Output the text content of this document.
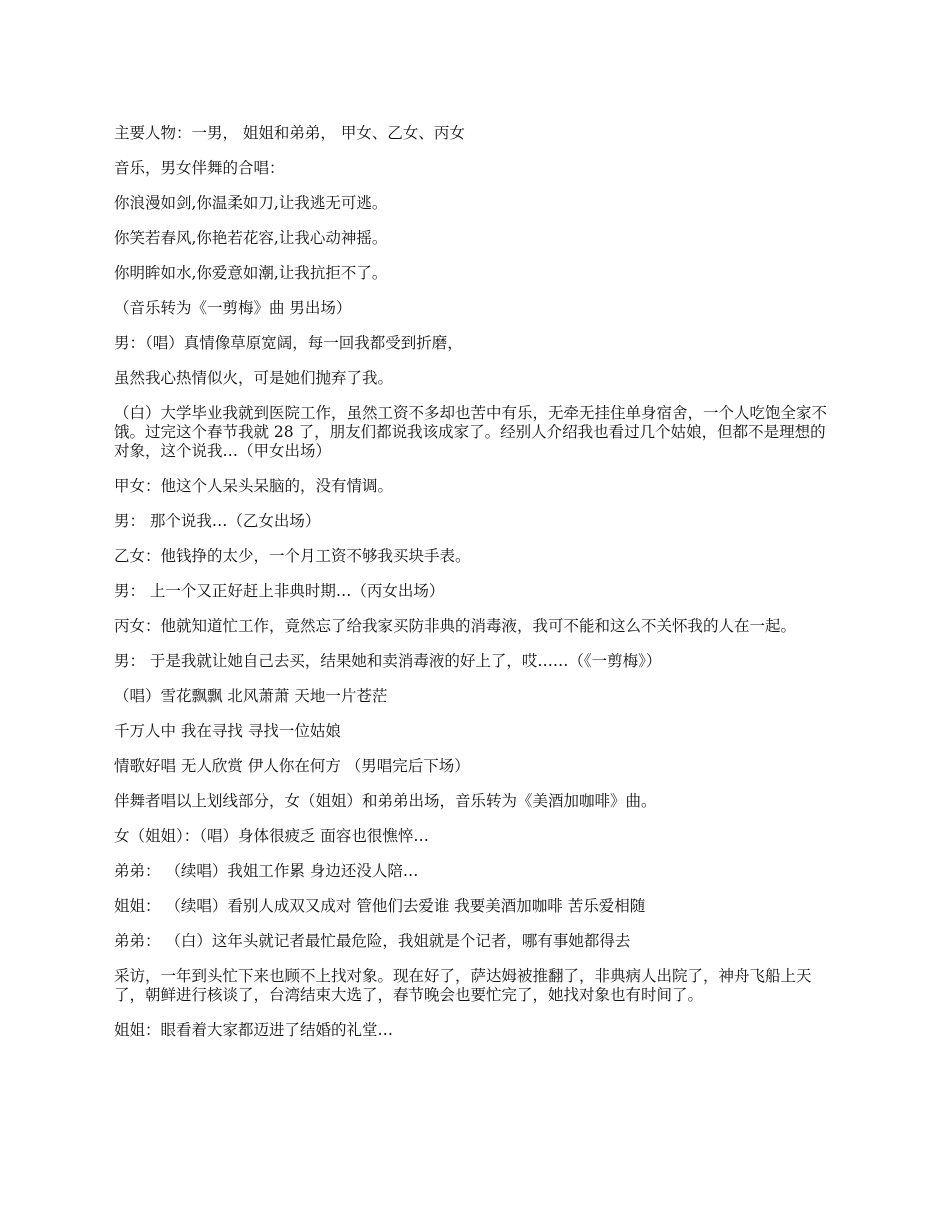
主要人物：一男， 姐姐和弟弟， 甲女、乙女、丙女

音乐，男女伴舞的合唱：

你浪漫如剑,你温柔如刀,让我逃无可逃。

你笑若春风,你艳若花容,让我心动神摇。

你明眸如水,你爱意如潮,让我抗拒不了。

（音乐转为《一剪梅》曲 男出场）

男：（唱）真情像草原宽阔，每一回我都受到折磨，

虽然我心热情似火，可是她们抛弃了我。

（白）大学毕业我就到医院工作，虽然工资不多却也苦中有乐，无牵无挂住单身宿舍，一个人吃饱全家不饿。过完这个春节我就 28 了，朋友们都说我该成家了。经别人介绍我也看过几个姑娘，但都不是理想的对象，这个说我…（甲女出场）

甲女：他这个人呆头呆脑的，没有情调。

男： 那个说我…（乙女出场）

乙女：他钱挣的太少，一个月工资不够我买块手表。

男： 上一个又正好赶上非典时期…（丙女出场）

丙女：他就知道忙工作，竟然忘了给我家买防非典的消毒液，我可不能和这么不关怀我的人在一起。

男： 于是我就让她自己去买，结果她和卖消毒液的好上了，哎……（《一剪梅》）

（唱）雪花飘飘 北风萧萧 天地一片苍茫

千万人中 我在寻找 寻找一位姑娘

情歌好唱 无人欣赏 伊人你在何方 （男唱完后下场）

伴舞者唱以上划线部分，女（姐姐）和弟弟出场，音乐转为《美酒加咖啡》曲。

女（姐姐）：（唱）身体很疲乏 面容也很憔悴…

弟弟： （续唱）我姐工作累 身边还没人陪…

姐姐： （续唱）看别人成双又成对 管他们去爱谁 我要美酒加咖啡 苦乐爱相随

弟弟： （白）这年头就记者最忙最危险，我姐就是个记者，哪有事她都得去

采访，一年到头忙下来也顾不上找对象。现在好了，萨达姆被推翻了，非典病人出院了，神舟飞船上天了，朝鲜进行核谈了，台湾结束大选了，春节晚会也要忙完了，她找对象也有时间了。

姐姐：眼看着大家都迈进了结婚的礼堂…
